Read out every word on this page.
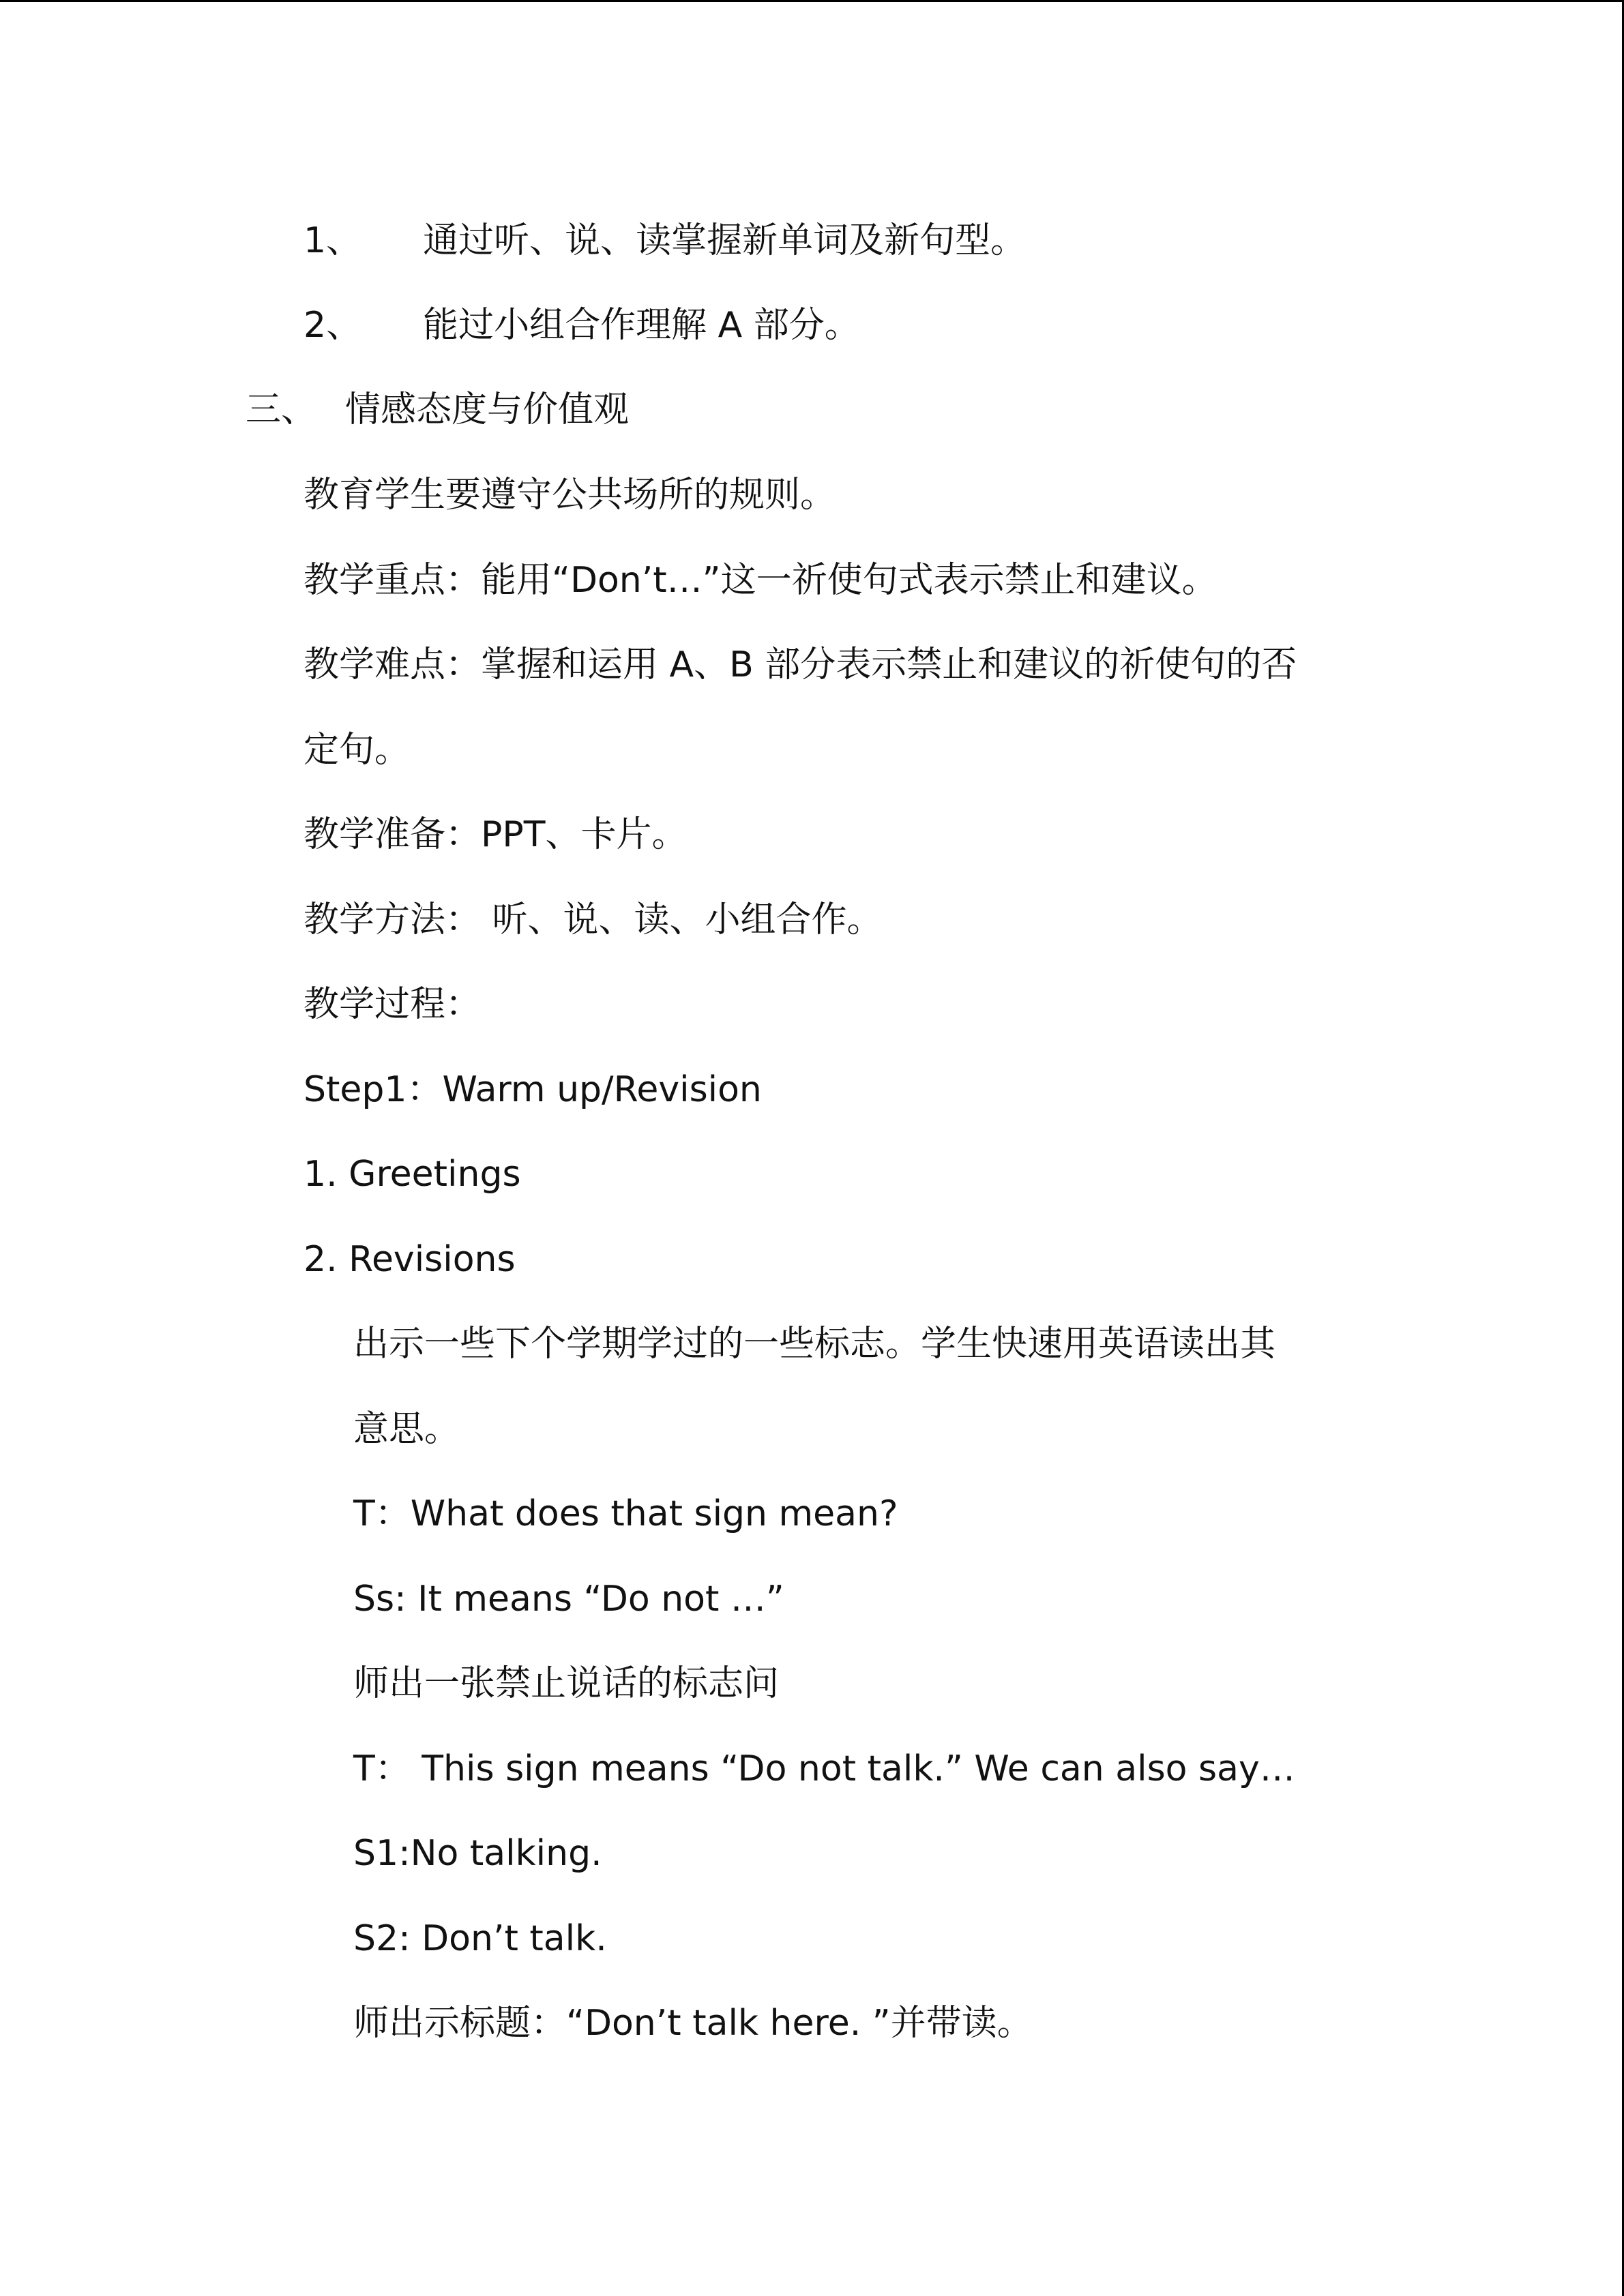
1、 通过听、说、读掌握新单词及新句型。
2、 能过小组合作理解 A 部分。
三、 情感态度与价值观
教育学生要遵守公共场所的规则。
教学重点：能用“Don’t…”这一祈使句式表示禁止和建议。
教学难点：掌握和运用 A、B 部分表示禁止和建议的祈使句的否
定句。
教学准备：PPT、卡片。
教学方法： 听、说、读、小组合作。
教学过程：
Step1：Warm up/Revision
1. Greetings
2. Revisions
出示一些下个学期学过的一些标志。学生快速用英语读出其
意思。
T：What does that sign mean?
Ss: It means “Do not …”
师出一张禁止说话的标志问
T： This sign means “Do not talk.” We can also say…
S1:No talking.
S2: Don’t talk.
师出示标题：“Don’t talk here. ”并带读。
